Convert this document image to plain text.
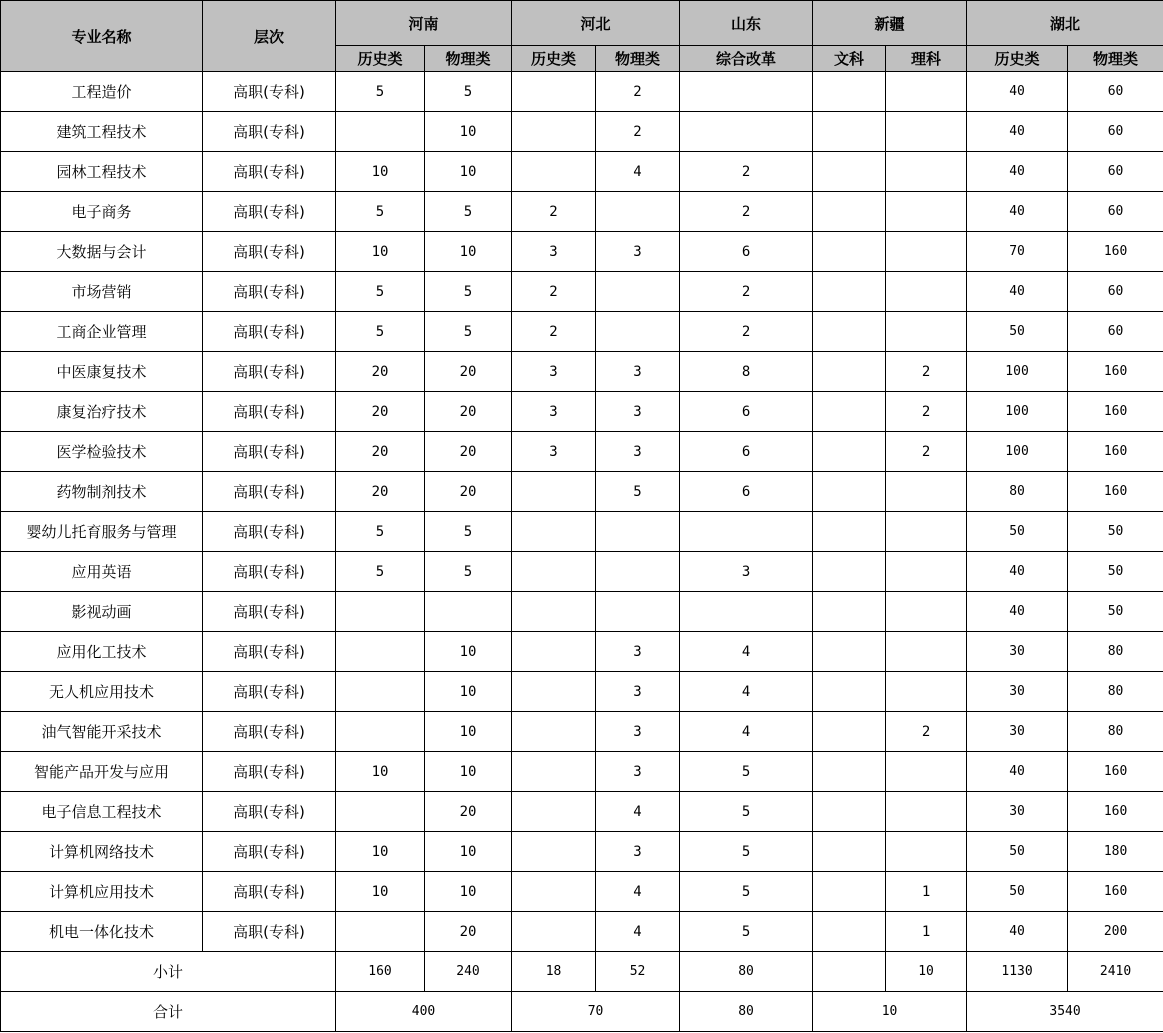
专业名称	层次	河南		河北		山东	新疆		湖北	
		历史类	物理类	历史类	物理类	综合改革	文科	理科	历史类	物理类
工程造价	高职(专科)	5	5		2				40	60
建筑工程技术	高职(专科)		10		2				40	60
园林工程技术	高职(专科)	10	10		4	2			40	60
电子商务	高职(专科)	5	5	2		2			40	60
大数据与会计	高职(专科)	10	10	3	3	6			70	160
市场营销	高职(专科)	5	5	2		2			40	60
工商企业管理	高职(专科)	5	5	2		2			50	60
中医康复技术	高职(专科)	20	20	3	3	8		2	100	160
康复治疗技术	高职(专科)	20	20	3	3	6		2	100	160
医学检验技术	高职(专科)	20	20	3	3	6		2	100	160
药物制剂技术	高职(专科)	20	20		5	6			80	160
婴幼儿托育服务与管理	高职(专科)	5	5						50	50
应用英语	高职(专科)	5	5			3			40	50
影视动画	高职(专科)								40	50
应用化工技术	高职(专科)		10		3	4			30	80
无人机应用技术	高职(专科)		10		3	4			30	80
油气智能开采技术	高职(专科)		10		3	4		2	30	80
智能产品开发与应用	高职(专科)	10	10		3	5			40	160
电子信息工程技术	高职(专科)		20		4	5			30	160
计算机网络技术	高职(专科)	10	10		3	5			50	180
计算机应用技术	高职(专科)	10	10		4	5		1	50	160
机电一体化技术	高职(专科)		20		4	5		1	40	200
小计		160	240	18	52	80		10	1130	2410
合计		400		70		80	10		3540	
